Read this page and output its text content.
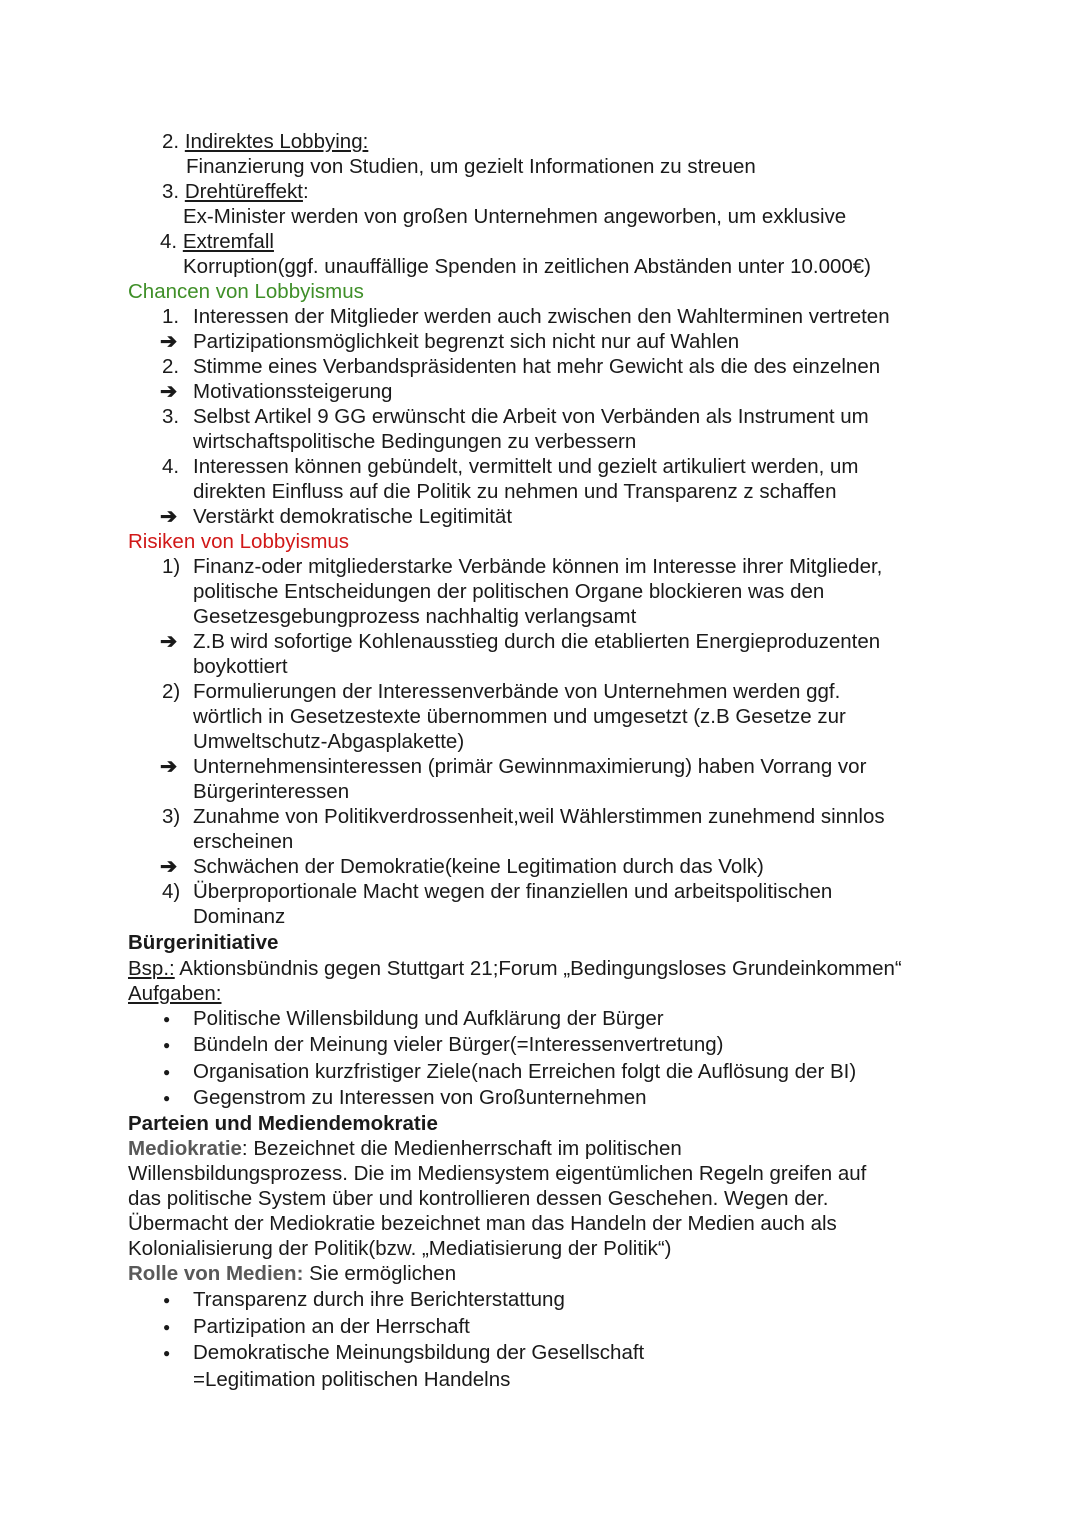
2. Indirektes Lobbying:
Finanzierung von Studien, um gezielt Informationen zu streuen
3. Drehtüreffekt:
Ex-Minister werden von großen Unternehmen angeworben, um exklusive
4. Extremfall
Korruption(ggf. unauffällige Spenden in zeitlichen Abständen unter 10.000€)
Chancen von Lobbyismus
1. Interessen der Mitglieder werden auch zwischen den Wahlterminen vertreten
➔ Partizipationsmöglichkeit begrenzt sich nicht nur auf Wahlen
2. Stimme eines Verbandspräsidenten hat mehr Gewicht als die des einzelnen
➔ Motivationssteigerung
3. Selbst Artikel 9 GG erwünscht die Arbeit von Verbänden als Instrument um
wirtschaftspolitische Bedingungen zu verbessern
4. Interessen können gebündelt, vermittelt und gezielt artikuliert werden, um
direkten Einfluss auf die Politik zu nehmen und Transparenz z schaffen
➔ Verstärkt demokratische Legitimität
Risiken von Lobbyismus
1) Finanz-oder mitgliederstarke Verbände können im Interesse ihrer Mitglieder,
politische Entscheidungen der politischen Organe blockieren was den
Gesetzesgebungprozess nachhaltig verlangsamt
➔ Z.B wird sofortige Kohlenausstieg durch die etablierten Energieproduzenten
boykottiert
2) Formulierungen der Interessenverbände von Unternehmen werden ggf.
wörtlich in Gesetzestexte übernommen und umgesetzt (z.B Gesetze zur
Umweltschutz-Abgasplakette)
➔ Unternehmensinteressen (primär Gewinnmaximierung) haben Vorrang vor
Bürgerinteressen
3) Zunahme von Politikverdrossenheit,weil Wählerstimmen zunehmend sinnlos
erscheinen
➔ Schwächen der Demokratie(keine Legitimation durch das Volk)
4) Überproportionale Macht wegen der finanziellen und arbeitspolitischen
Dominanz
Bürgerinitiative
Bsp.: Aktionsbündnis gegen Stuttgart 21;Forum „Bedingungsloses Grundeinkommen“
Aufgaben:
● Politische Willensbildung und Aufklärung der Bürger
● Bündeln der Meinung vieler Bürger(=Interessenvertretung)
● Organisation kurzfristiger Ziele(nach Erreichen folgt die Auflösung der BI)
● Gegenstrom zu Interessen von Großunternehmen
Parteien und Mediendemokratie
Mediokratie: Bezeichnet die Medienherrschaft im politischen
Willensbildungsprozess. Die im Mediensystem eigentümlichen Regeln greifen auf
das politische System über und kontrollieren dessen Geschehen. Wegen der.
Übermacht der Mediokratie bezeichnet man das Handeln der Medien auch als
Kolonialisierung der Politik(bzw. „Mediatisierung der Politik“)
Rolle von Medien: Sie ermöglichen
● Transparenz durch ihre Berichterstattung
● Partizipation an der Herrschaft
● Demokratische Meinungsbildung der Gesellschaft
=Legitimation politischen Handelns
